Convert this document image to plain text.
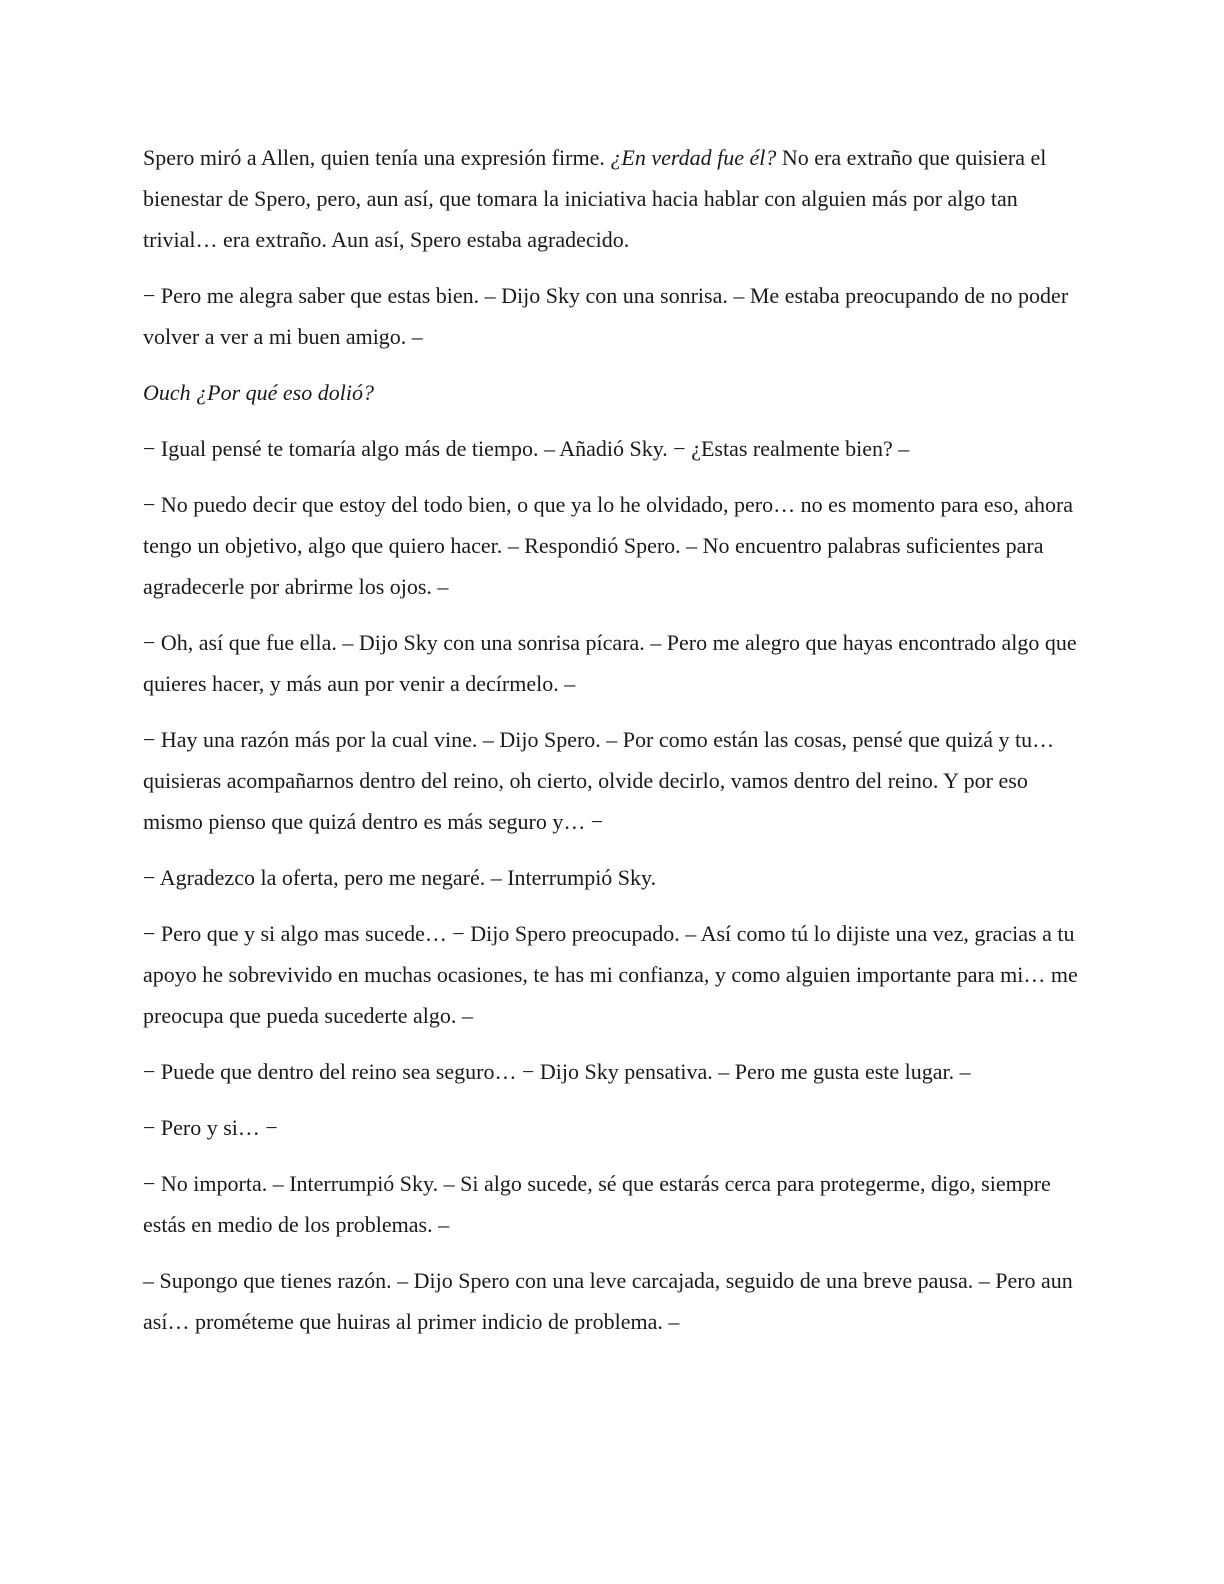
Spero miró a Allen, quien tenía una expresión firme. ¿En verdad fue él? No era extraño que quisiera el bienestar de Spero, pero, aun así, que tomara la iniciativa hacia hablar con alguien más por algo tan trivial… era extraño. Aun así, Spero estaba agradecido.

− Pero me alegra saber que estas bien. – Dijo Sky con una sonrisa. – Me estaba preocupando de no poder volver a ver a mi buen amigo. –

Ouch ¿Por qué eso dolió?

− Igual pensé te tomaría algo más de tiempo. – Añadió Sky. − ¿Estas realmente bien? –

− No puedo decir que estoy del todo bien, o que ya lo he olvidado, pero… no es momento para eso, ahora tengo un objetivo, algo que quiero hacer. – Respondió Spero. – No encuentro palabras suficientes para agradecerle por abrirme los ojos. –

− Oh, así que fue ella. – Dijo Sky con una sonrisa pícara. – Pero me alegro que hayas encontrado algo que quieres hacer, y más aun por venir a decírmelo. –

− Hay una razón más por la cual vine. – Dijo Spero. – Por como están las cosas, pensé que quizá y tu… quisieras acompañarnos dentro del reino, oh cierto, olvide decirlo, vamos dentro del reino. Y por eso mismo pienso que quizá dentro es más seguro y… −

− Agradezco la oferta, pero me negaré. – Interrumpió Sky.

− Pero que y si algo mas sucede… − Dijo Spero preocupado. – Así como tú lo dijiste una vez, gracias a tu apoyo he sobrevivido en muchas ocasiones, te has mi confianza, y como alguien importante para mi… me preocupa que pueda sucederte algo. –

− Puede que dentro del reino sea seguro… − Dijo Sky pensativa. – Pero me gusta este lugar. –

− Pero y si… −

− No importa. – Interrumpió Sky. – Si algo sucede, sé que estarás cerca para protegerme, digo, siempre estás en medio de los problemas. –

– Supongo que tienes razón. – Dijo Spero con una leve carcajada, seguido de una breve pausa. – Pero aun así… prométeme que huiras al primer indicio de problema. –
